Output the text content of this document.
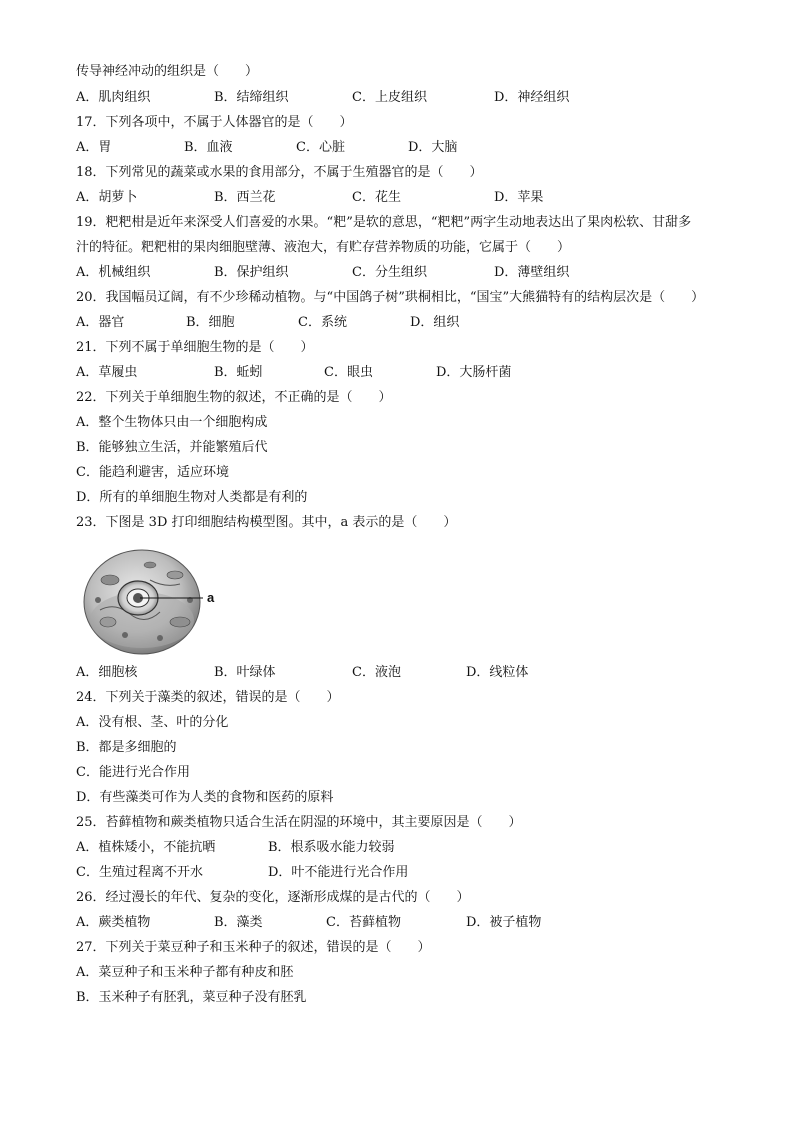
传导神经冲动的组织是（　　）
A．肌肉组织	B．结缔组织	C．上皮组织	D．神经组织
17．下列各项中，不属于人体器官的是（　　）
A．胃	B．血液	C．心脏	D．大脑
18．下列常见的蔬菜或水果的食用部分，不属于生殖器官的是（　　）
A．胡萝卜	B．西兰花	C．花生	D．苹果
19．粑粑柑是近年来深受人们喜爱的水果。“粑”是软的意思，“粑粑”两字生动地表达出了果肉松软、甘甜多
汁的特征。粑粑柑的果肉细胞壁薄、液泡大，有贮存营养物质的功能，它属于（　　）
A．机械组织	B．保护组织	C．分生组织	D．薄壁组织
20．我国幅员辽阔，有不少珍稀动植物。与“中国鸽子树”珙桐相比，“国宝”大熊猫特有的结构层次是（　　）
A．器官	B．细胞	C．系统	D．组织
21．下列不属于单细胞生物的是（　　）
A．草履虫	B．蚯蚓	C．眼虫	D．大肠杆菌
22．下列关于单细胞生物的叙述，不正确的是（　　）
A．整个生物体只由一个细胞构成
B．能够独立生活，并能繁殖后代
C．能趋利避害，适应环境
D．所有的单细胞生物对人类都是有利的
23．下图是 3D 打印细胞结构模型图。其中，a 表示的是（　　）
a
A．细胞核	B．叶绿体	C．液泡	D．线粒体
24．下列关于藻类的叙述，错误的是（　　）
A．没有根、茎、叶的分化
B．都是多细胞的
C．能进行光合作用
D．有些藻类可作为人类的食物和医药的原料
25．苔藓植物和蕨类植物只适合生活在阴湿的环境中，其主要原因是（　　）
A．植株矮小，不能抗晒	B．根系吸水能力较弱
C．生殖过程离不开水	D．叶不能进行光合作用
26．经过漫长的年代、复杂的变化，逐渐形成煤的是古代的（　　）
A．蕨类植物	B．藻类	C．苔藓植物	D．被子植物
27．下列关于菜豆种子和玉米种子的叙述，错误的是（　　）
A．菜豆种子和玉米种子都有种皮和胚
B．玉米种子有胚乳，菜豆种子没有胚乳
